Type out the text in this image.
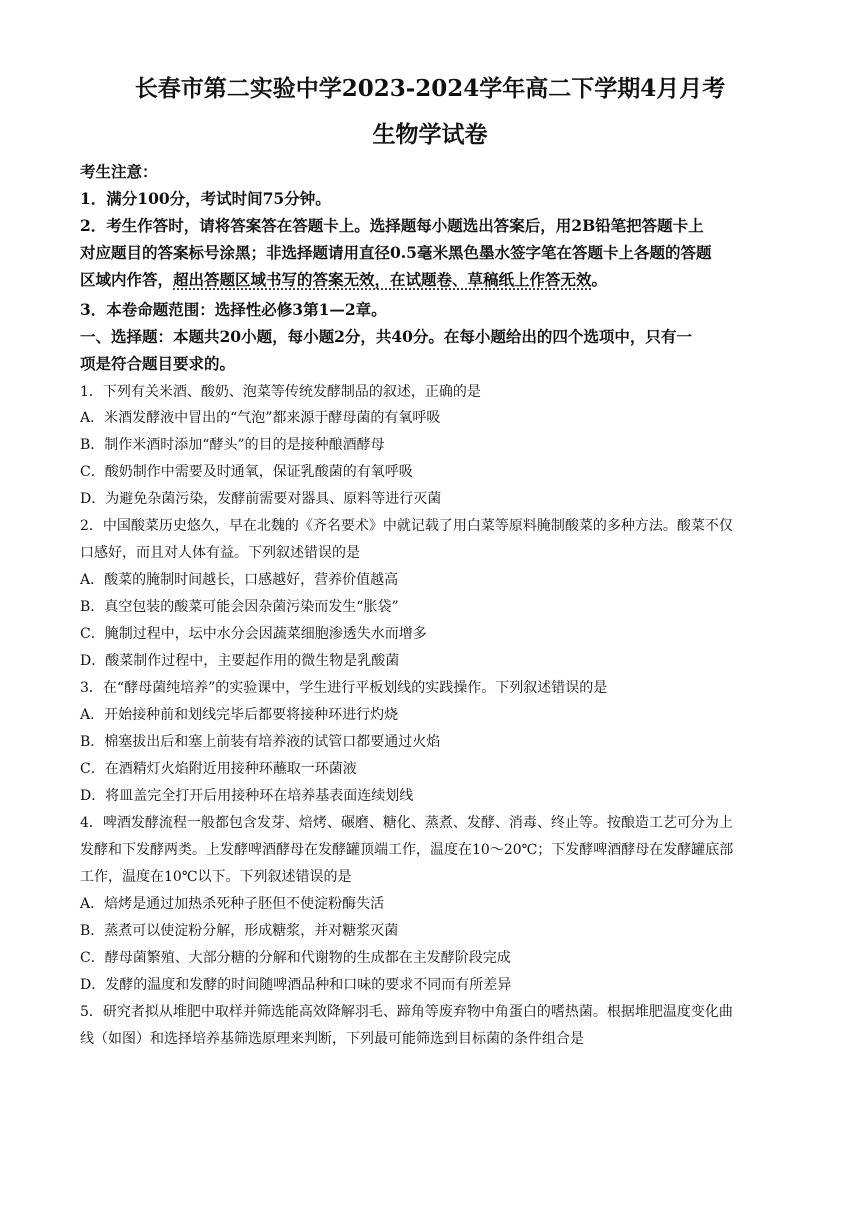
长春市第二实验中学2023-2024学年高二下学期4月月考
生物学试卷
考生注意：
1．满分100分，考试时间75分钟。
2．考生作答时，请将答案答在答题卡上。选择题每小题选出答案后，用2B铅笔把答题卡上
对应题目的答案标号涂黑；非选择题请用直径0.5毫米黑色墨水签字笔在答题卡上各题的答题
区域内作答，超出答题区域书写的答案无效，在试题卷、草稿纸上作答无效。
3．本卷命题范围：选择性必修3第1—2章。
一、选择题：本题共20小题，每小题2分，共40分。在每小题给出的四个选项中，只有一
项是符合题目要求的。
1．下列有关米酒、酸奶、泡菜等传统发酵制品的叙述，正确的是
A．米酒发酵液中冒出的“气泡”都来源于酵母菌的有氧呼吸
B．制作米酒时添加“酵头”的目的是接种酿酒酵母
C．酸奶制作中需要及时通氧，保证乳酸菌的有氧呼吸
D．为避免杂菌污染，发酵前需要对器具、原料等进行灭菌
2．中国酸菜历史悠久，早在北魏的《齐名要术》中就记载了用白菜等原料腌制酸菜的多种方法。酸菜不仅
口感好，而且对人体有益。下列叙述错误的是
A．酸菜的腌制时间越长，口感越好，营养价值越高
B．真空包装的酸菜可能会因杂菌污染而发生“胀袋”
C．腌制过程中，坛中水分会因蔬菜细胞渗透失水而增多
D．酸菜制作过程中，主要起作用的微生物是乳酸菌
3．在“酵母菌纯培养”的实验课中，学生进行平板划线的实践操作。下列叙述错误的是
A．开始接种前和划线完毕后都要将接种环进行灼烧
B．棉塞拔出后和塞上前装有培养液的试管口都要通过火焰
C．在酒精灯火焰附近用接种环蘸取一环菌液
D．将皿盖完全打开后用接种环在培养基表面连续划线
4．啤酒发酵流程一般都包含发芽、焙烤、碾磨、糖化、蒸煮、发酵、消毒、终止等。按酿造工艺可分为上
发酵和下发酵两类。上发酵啤酒酵母在发酵罐顶端工作，温度在10～20℃；下发酵啤酒酵母在发酵罐底部
工作，温度在10℃以下。下列叙述错误的是
A．焙烤是通过加热杀死种子胚但不使淀粉酶失活
B．蒸煮可以使淀粉分解，形成糖浆，并对糖浆灭菌
C．酵母菌繁殖、大部分糖的分解和代谢物的生成都在主发酵阶段完成
D．发酵的温度和发酵的时间随啤酒品种和口味的要求不同而有所差异
5．研究者拟从堆肥中取样并筛选能高效降解羽毛、蹄角等废弃物中角蛋白的嗜热菌。根据堆肥温度变化曲
线（如图）和选择培养基筛选原理来判断，下列最可能筛选到目标菌的条件组合是
